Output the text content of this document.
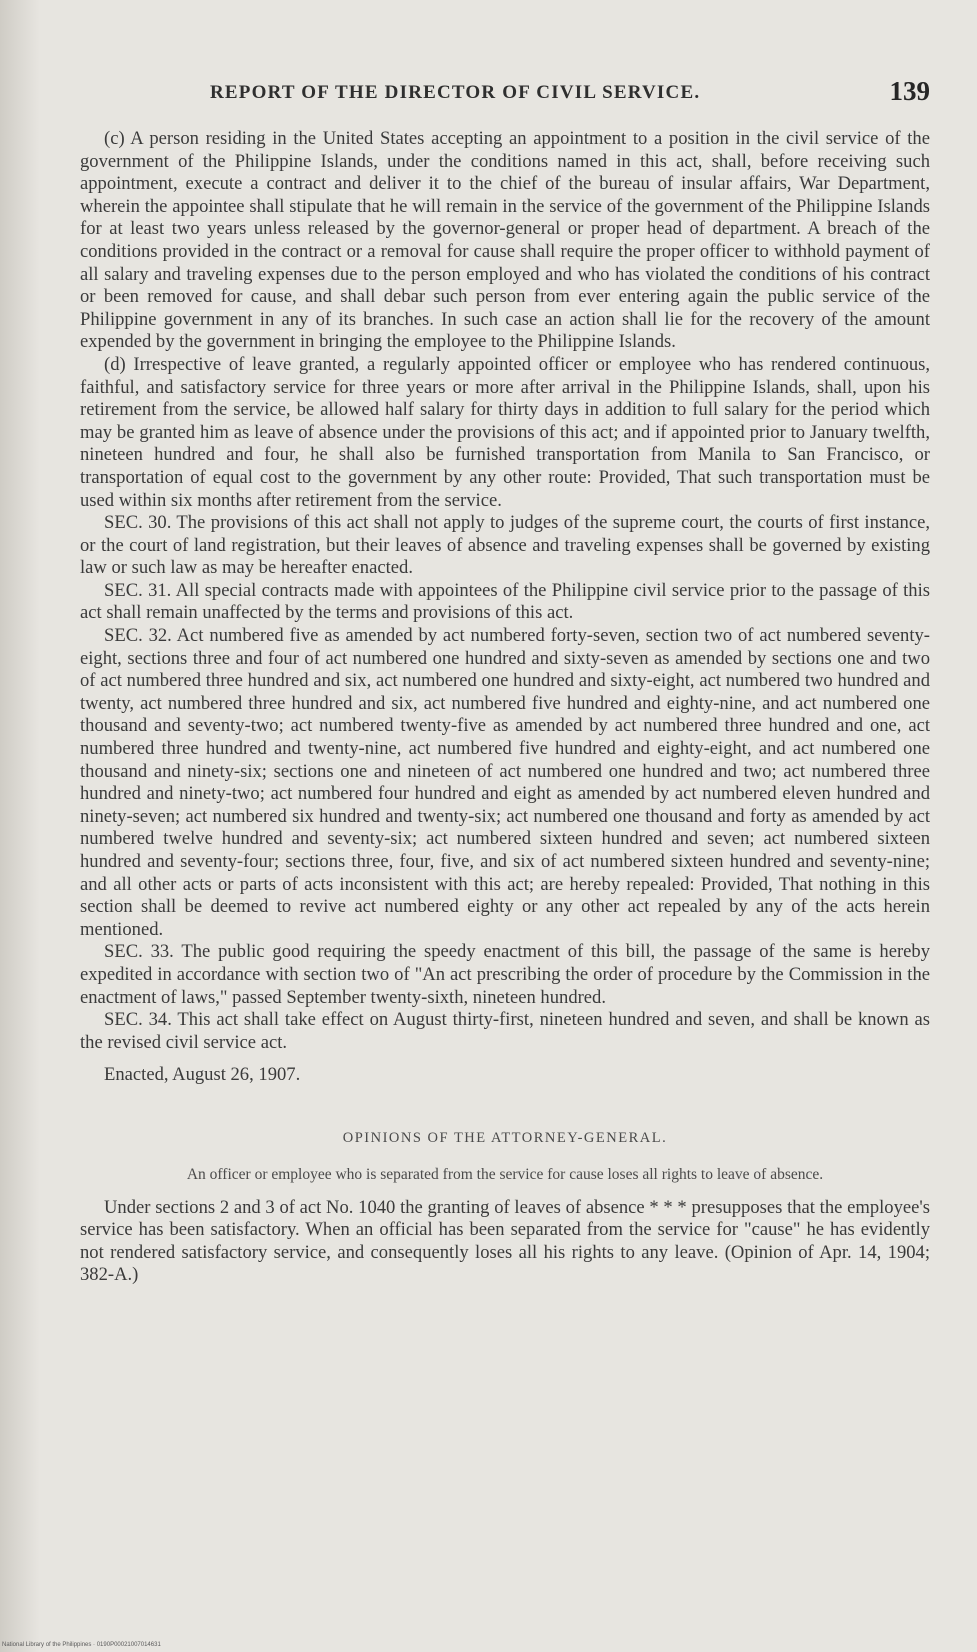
REPORT OF THE DIRECTOR OF CIVIL SERVICE.	139

(c) A person residing in the United States accepting an appointment to a position in the civil service of the government of the Philippine Islands, under the conditions named in this act, shall, before receiving such appointment, execute a contract and deliver it to the chief of the bureau of insular affairs, War Department, wherein the appointee shall stipulate that he will remain in the service of the government of the Philippine Islands for at least two years unless released by the governor-general or proper head of department. A breach of the conditions provided in the contract or a removal for cause shall require the proper officer to withhold payment of all salary and traveling expenses due to the person employed and who has violated the conditions of his contract or been removed for cause, and shall debar such person from ever entering again the public service of the Philippine government in any of its branches. In such case an action shall lie for the recovery of the amount expended by the government in bringing the employee to the Philippine Islands.

(d) Irrespective of leave granted, a regularly appointed officer or employee who has rendered continuous, faithful, and satisfactory service for three years or more after arrival in the Philippine Islands, shall, upon his retirement from the service, be allowed half salary for thirty days in addition to full salary for the period which may be granted him as leave of absence under the provisions of this act; and if appointed prior to January twelfth, nineteen hundred and four, he shall also be furnished transportation from Manila to San Francisco, or transportation of equal cost to the government by any other route: Provided, That such transportation must be used within six months after retirement from the service.

SEC. 30. The provisions of this act shall not apply to judges of the supreme court, the courts of first instance, or the court of land registration, but their leaves of absence and traveling expenses shall be governed by existing law or such law as may be hereafter enacted.

SEC. 31. All special contracts made with appointees of the Philippine civil service prior to the passage of this act shall remain unaffected by the terms and provisions of this act.

SEC. 32. Act numbered five as amended by act numbered forty-seven, section two of act numbered seventy-eight, sections three and four of act numbered one hundred and sixty-seven as amended by sections one and two of act numbered three hundred and six, act numbered one hundred and sixty-eight, act numbered two hundred and twenty, act numbered three hundred and six, act numbered five hundred and eighty-nine, and act numbered one thousand and seventy-two; act numbered twenty-five as amended by act numbered three hundred and one, act numbered three hundred and twenty-nine, act numbered five hundred and eighty-eight, and act numbered one thousand and ninety-six; sections one and nineteen of act numbered one hundred and two; act numbered three hundred and ninety-two; act numbered four hundred and eight as amended by act numbered eleven hundred and ninety-seven; act numbered six hundred and twenty-six; act numbered one thousand and forty as amended by act numbered twelve hundred and seventy-six; act numbered sixteen hundred and seven; act numbered sixteen hundred and seventy-four; sections three, four, five, and six of act numbered sixteen hundred and seventy-nine; and all other acts or parts of acts inconsistent with this act; are hereby repealed: Provided, That nothing in this section shall be deemed to revive act numbered eighty or any other act repealed by any of the acts herein mentioned.

SEC. 33. The public good requiring the speedy enactment of this bill, the passage of the same is hereby expedited in accordance with section two of "An act prescribing the order of procedure by the Commission in the enactment of laws," passed September twenty-sixth, nineteen hundred.

SEC. 34. This act shall take effect on August thirty-first, nineteen hundred and seven, and shall be known as the revised civil service act.

Enacted, August 26, 1907.

OPINIONS OF THE ATTORNEY-GENERAL.

An officer or employee who is separated from the service for cause loses all rights to leave of absence.

Under sections 2 and 3 of act No. 1040 the granting of leaves of absence * * * presupposes that the employee's service has been satisfactory. When an official has been separated from the service for "cause" he has evidently not rendered satisfactory service, and consequently loses all his rights to any leave. (Opinion of Apr. 14, 1904; 382-A.)

National Library of the Philippines · 0190P00021007014631
